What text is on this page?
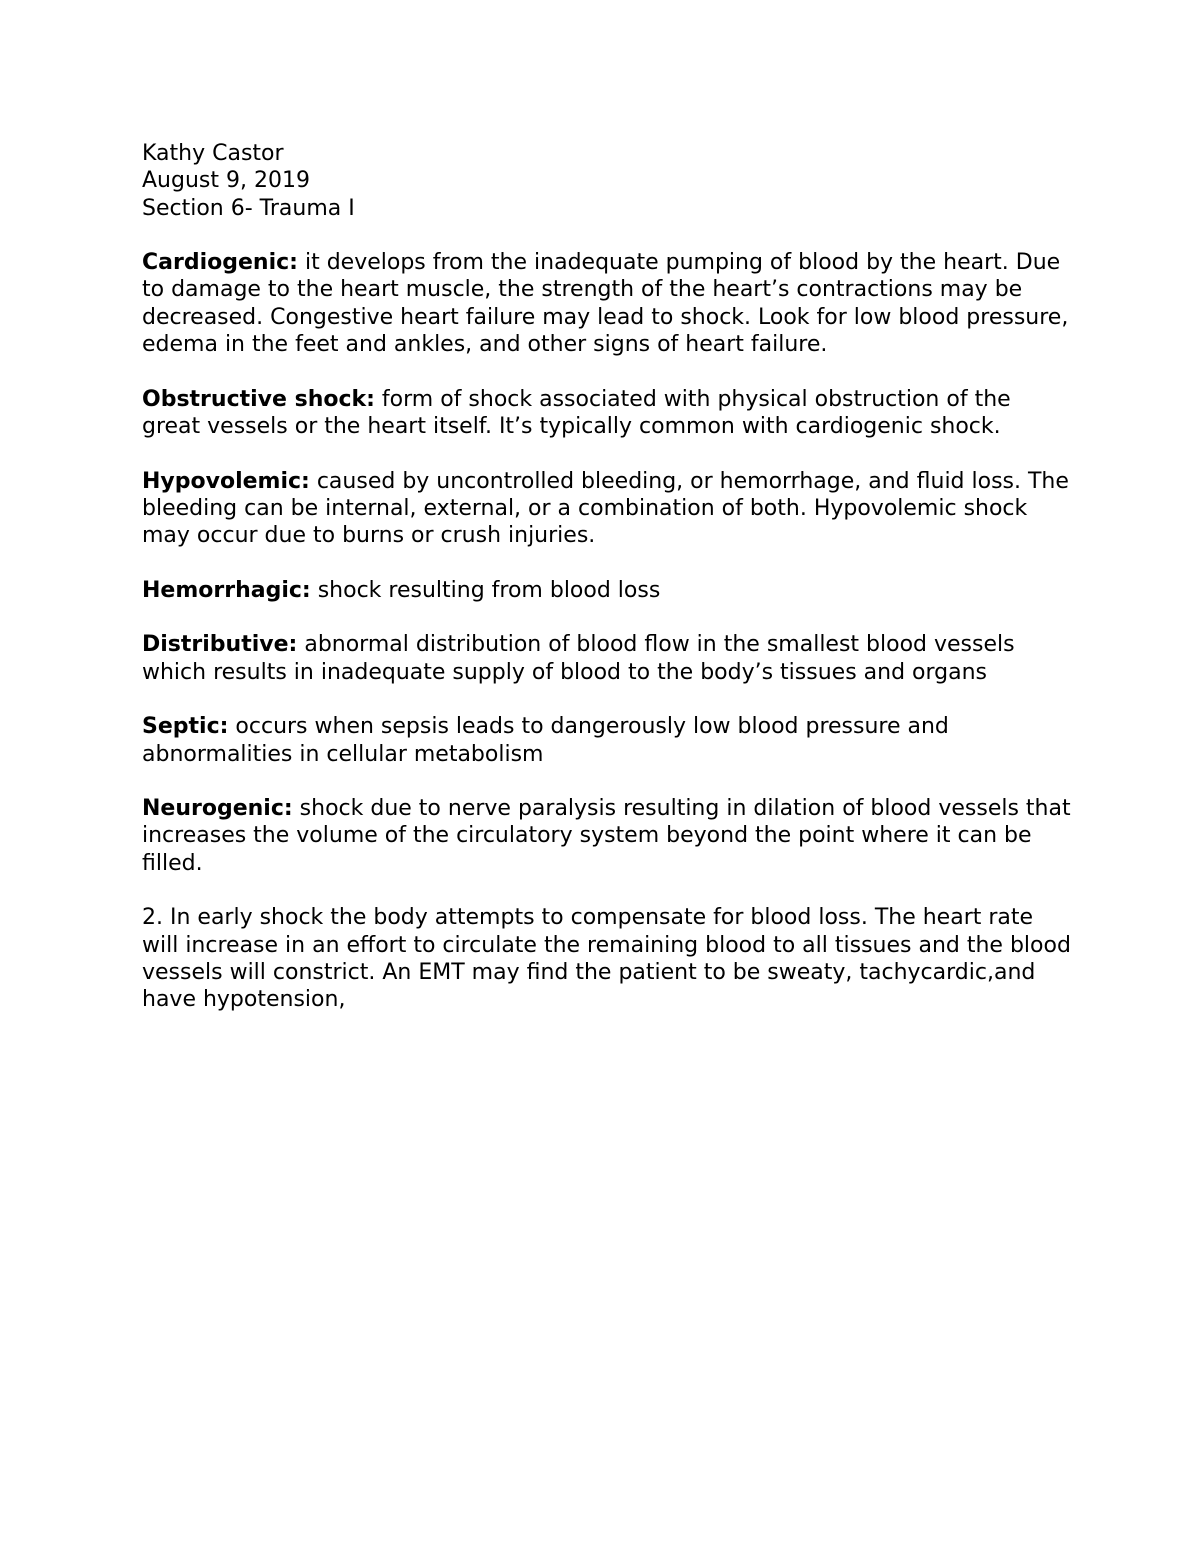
Kathy Castor

August 9, 2019

Section 6- Trauma I

Cardiogenic: it develops from the inadequate pumping of blood by the heart. Due to damage to the heart muscle, the strength of the heart’s contractions may be decreased. Congestive heart failure may lead to shock. Look for low blood pressure, edema in the feet and ankles, and other signs of heart failure.

Obstructive shock: form of shock associated with physical obstruction of the great vessels or the heart itself. It’s typically common with cardiogenic shock.

Hypovolemic: caused by uncontrolled bleeding, or hemorrhage, and fluid loss. The bleeding can be internal, external, or a combination of both. Hypovolemic shock may occur due to burns or crush injuries.

Hemorrhagic: shock resulting from blood loss

Distributive: abnormal distribution of blood flow in the smallest blood vessels which results in inadequate supply of blood to the body’s tissues and organs

Septic: occurs when sepsis leads to dangerously low blood pressure and abnormalities in cellular metabolism

Neurogenic: shock due to nerve paralysis resulting in dilation of blood vessels that increases the volume of the circulatory system beyond the point where it can be filled.

2. In early shock the body attempts to compensate for blood loss. The heart rate will increase in an effort to circulate the remaining blood to all tissues and the blood vessels will constrict. An EMT may find the patient to be sweaty, tachycardic,and have hypotension,
